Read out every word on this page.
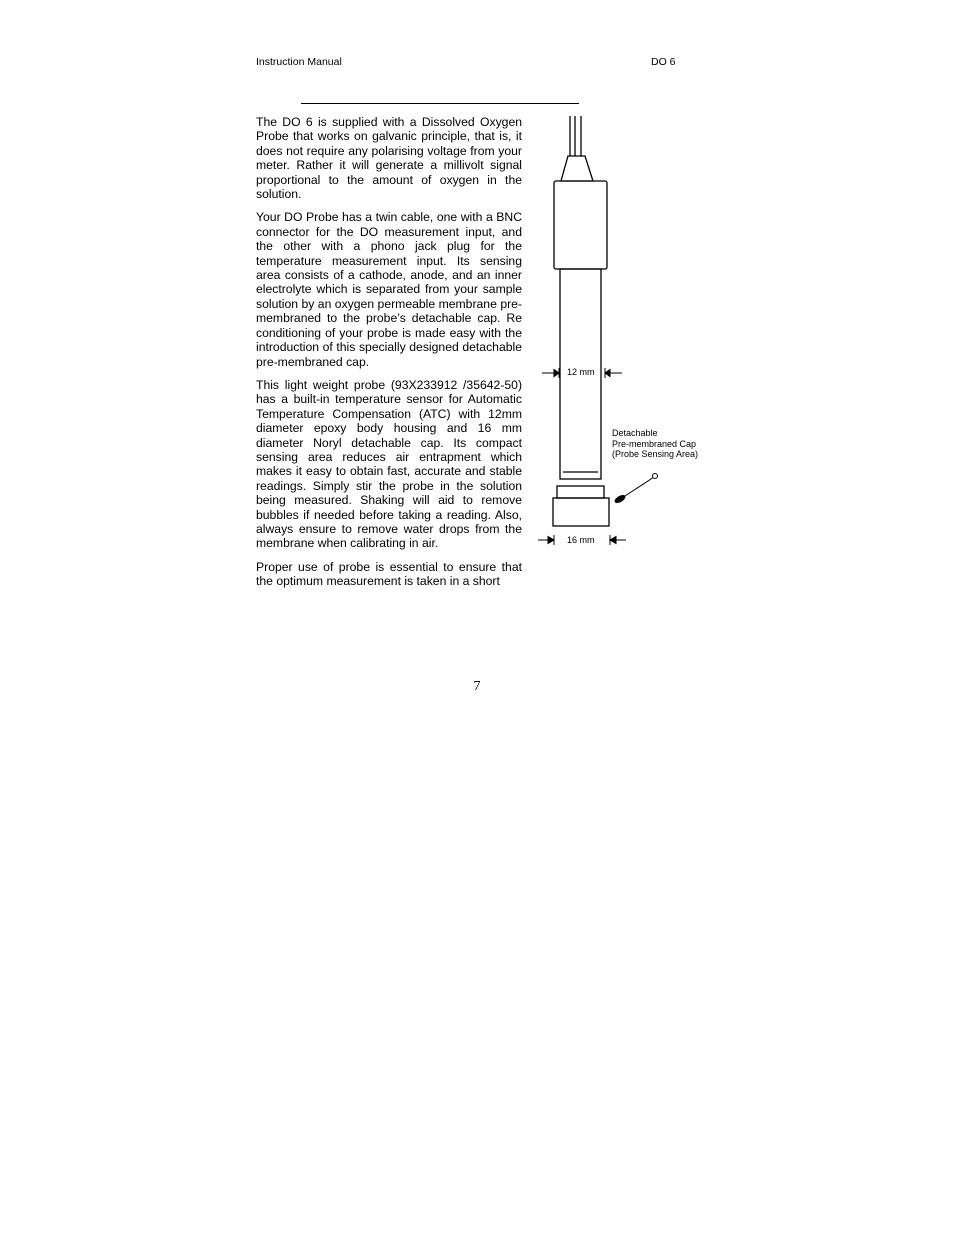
Instruction Manual	DO 6

The DO 6 is supplied with a Dissolved Oxygen Probe that works on galvanic principle, that is, it does not require any polarising voltage from your meter. Rather it will generate a millivolt signal proportional to the amount of oxygen in the solution.

Your DO Probe has a twin cable, one with a BNC connector for the DO measurement input, and the other with a phono jack plug for the temperature measurement input. Its sensing area consists of a cathode, anode, and an inner electrolyte which is separated from your sample solution by an oxygen permeable membrane pre-membraned to the probe’s detachable cap. Re conditioning of your probe is made easy with the introduction of this specially designed detachable pre-membraned cap.

This light weight probe (93X233912 /35642-50) has a built-in temperature sensor for Automatic Temperature Compensation (ATC) with 12mm diameter epoxy body housing and 16 mm diameter Noryl detachable cap. Its compact sensing area reduces air entrapment which makes it easy to obtain fast, accurate and stable readings. Simply stir the probe in the solution being measured. Shaking will aid to remove bubbles if needed before taking a reading. Also, always ensure to remove water drops from the membrane when calibrating in air.

Proper use of probe is essential to ensure that the optimum measurement is taken in a short

12 mm
16 mm
Detachable
Pre-membraned Cap
(Probe Sensing Area)
7
